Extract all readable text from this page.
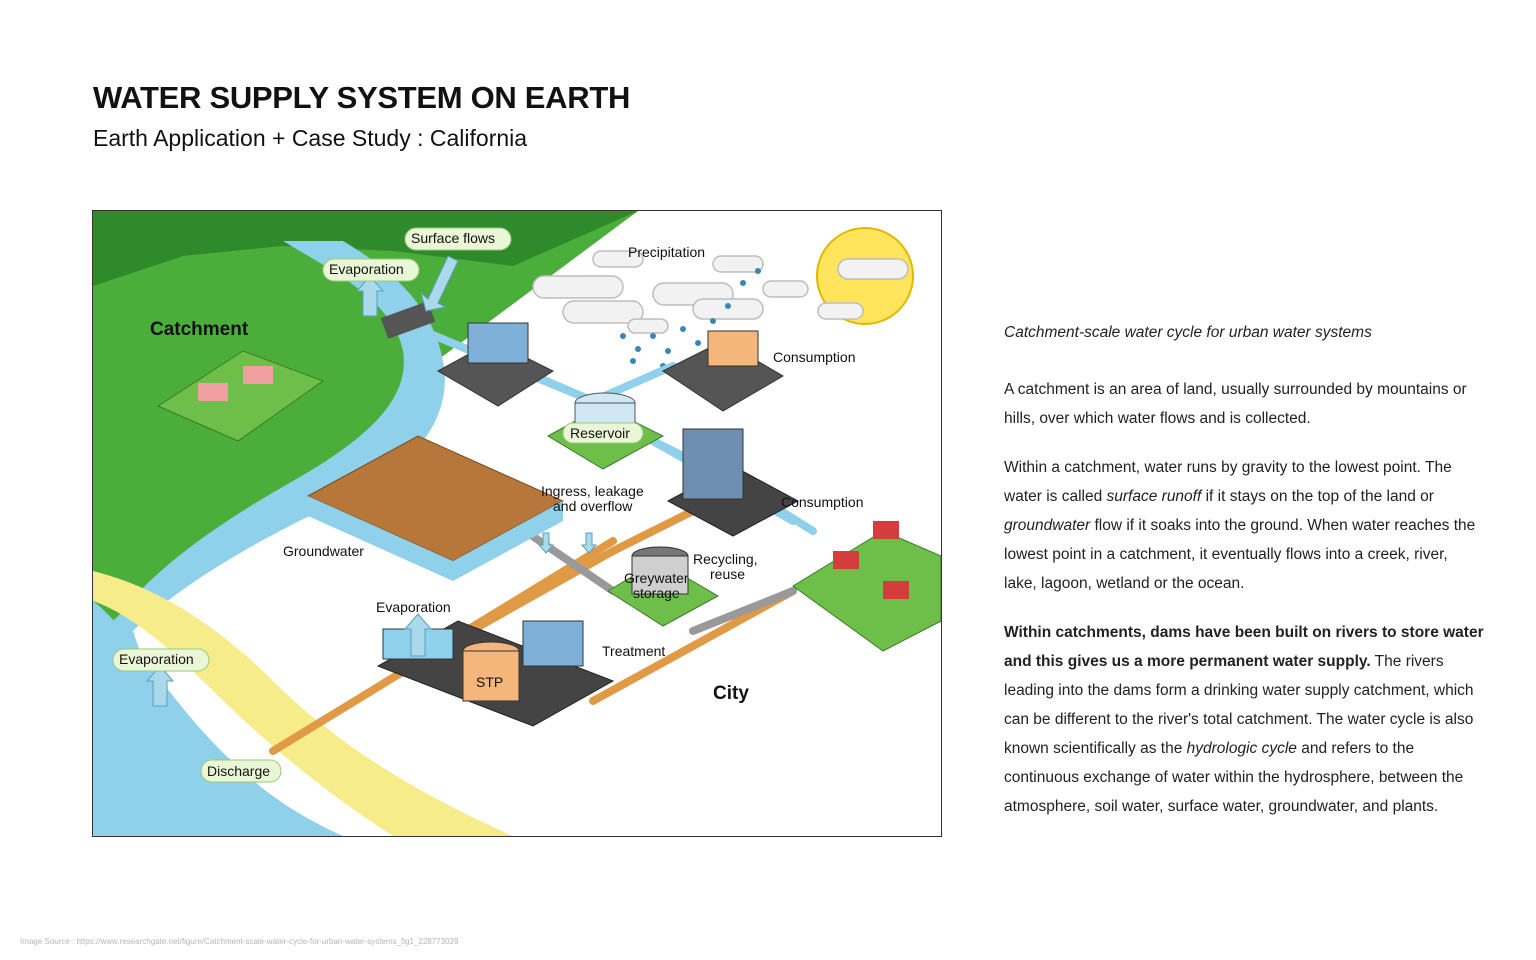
WATER SUPPLY SYSTEM ON EARTH
Earth Application + Case Study : California
Catchment
Surface flows
Evaporation
Precipitation
Consumption
Reservoir
Consumption
Ingress, leakage
and overflow
Groundwater	Recycling,
reuse
Greywater
storage
Evaporation
Treatment
STP
City
Evaporation
Discharge

Catchment-scale water cycle for urban water systems

A catchment is an area of land, usually surrounded by mountains or hills, over which water flows and is collected.

Within a catchment, water runs by gravity to the lowest point. The water is called surface runoff if it stays on the top of the land or groundwater flow if it soaks into the ground. When water reaches the lowest point in a catchment, it eventually flows into a creek, river, lake, lagoon, wetland or the ocean.

Within catchments, dams have been built on rivers to store water and this gives us a more permanent water supply. The rivers leading into the dams form a drinking water supply catchment, which can be different to the river's total catchment. The water cycle is also known scientifically as the hydrologic cycle and refers to the continuous exchange of water within the hydrosphere, between the atmosphere, soil water, surface water, groundwater, and plants.

Image Source : https://www.researchgate.net/figure/Catchment-scale-water-cycle-for-urban-water-systems_fig1_228773029
